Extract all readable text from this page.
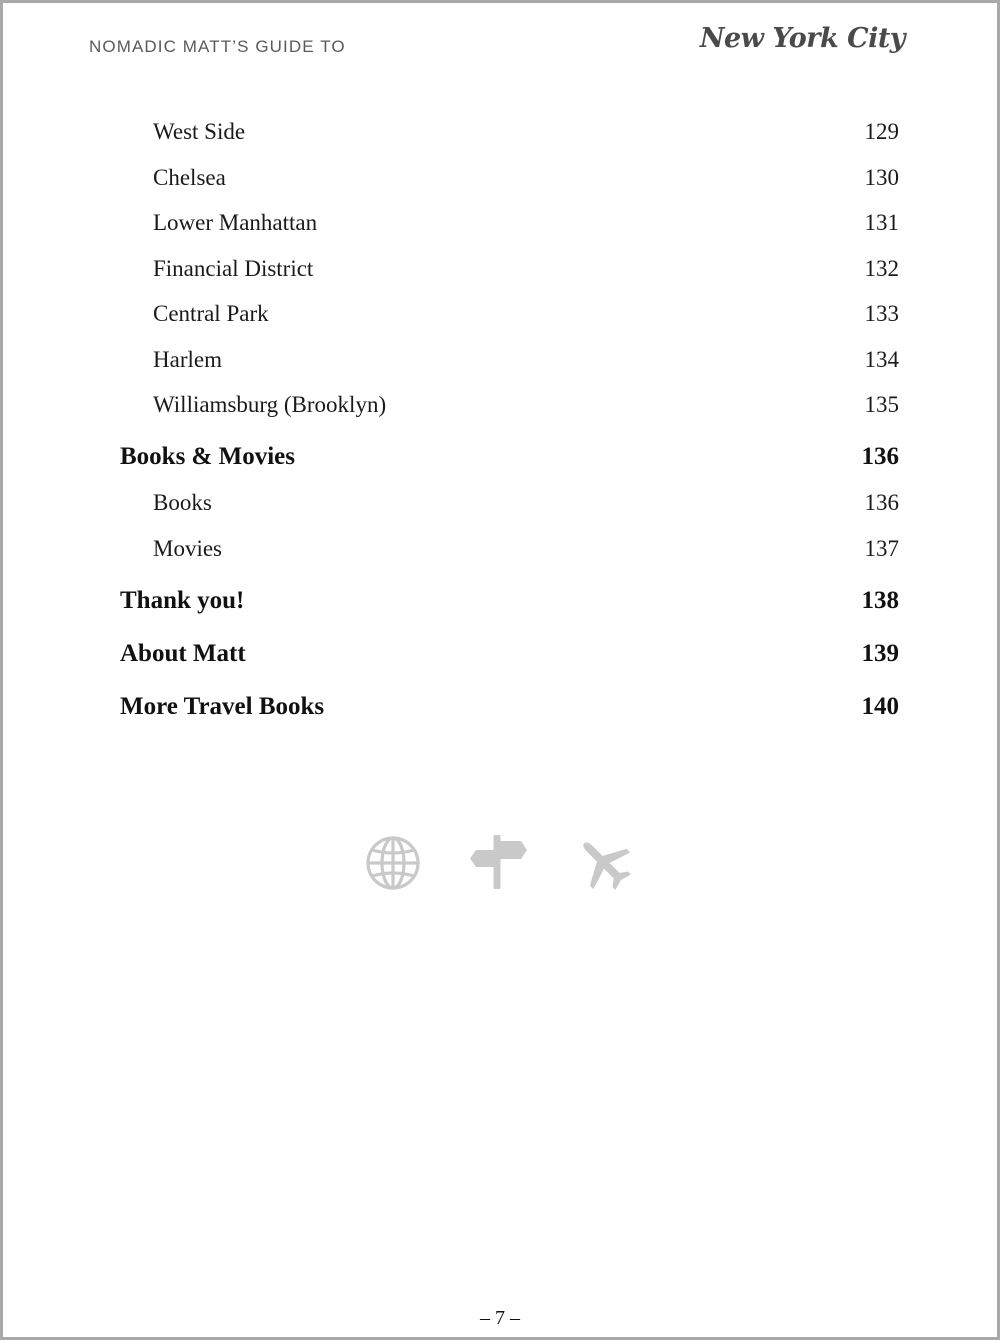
NOMADIC MATT’S GUIDE TO	New York City
West Side	129
Chelsea	130
Lower Manhattan	131
Financial District	132
Central Park	133
Harlem	134
Williamsburg (Brooklyn)	135
Books & Movies	136
Books	136
Movies	137
Thank you!	138
About Matt	139
More Travel Books	140
– 7 –
